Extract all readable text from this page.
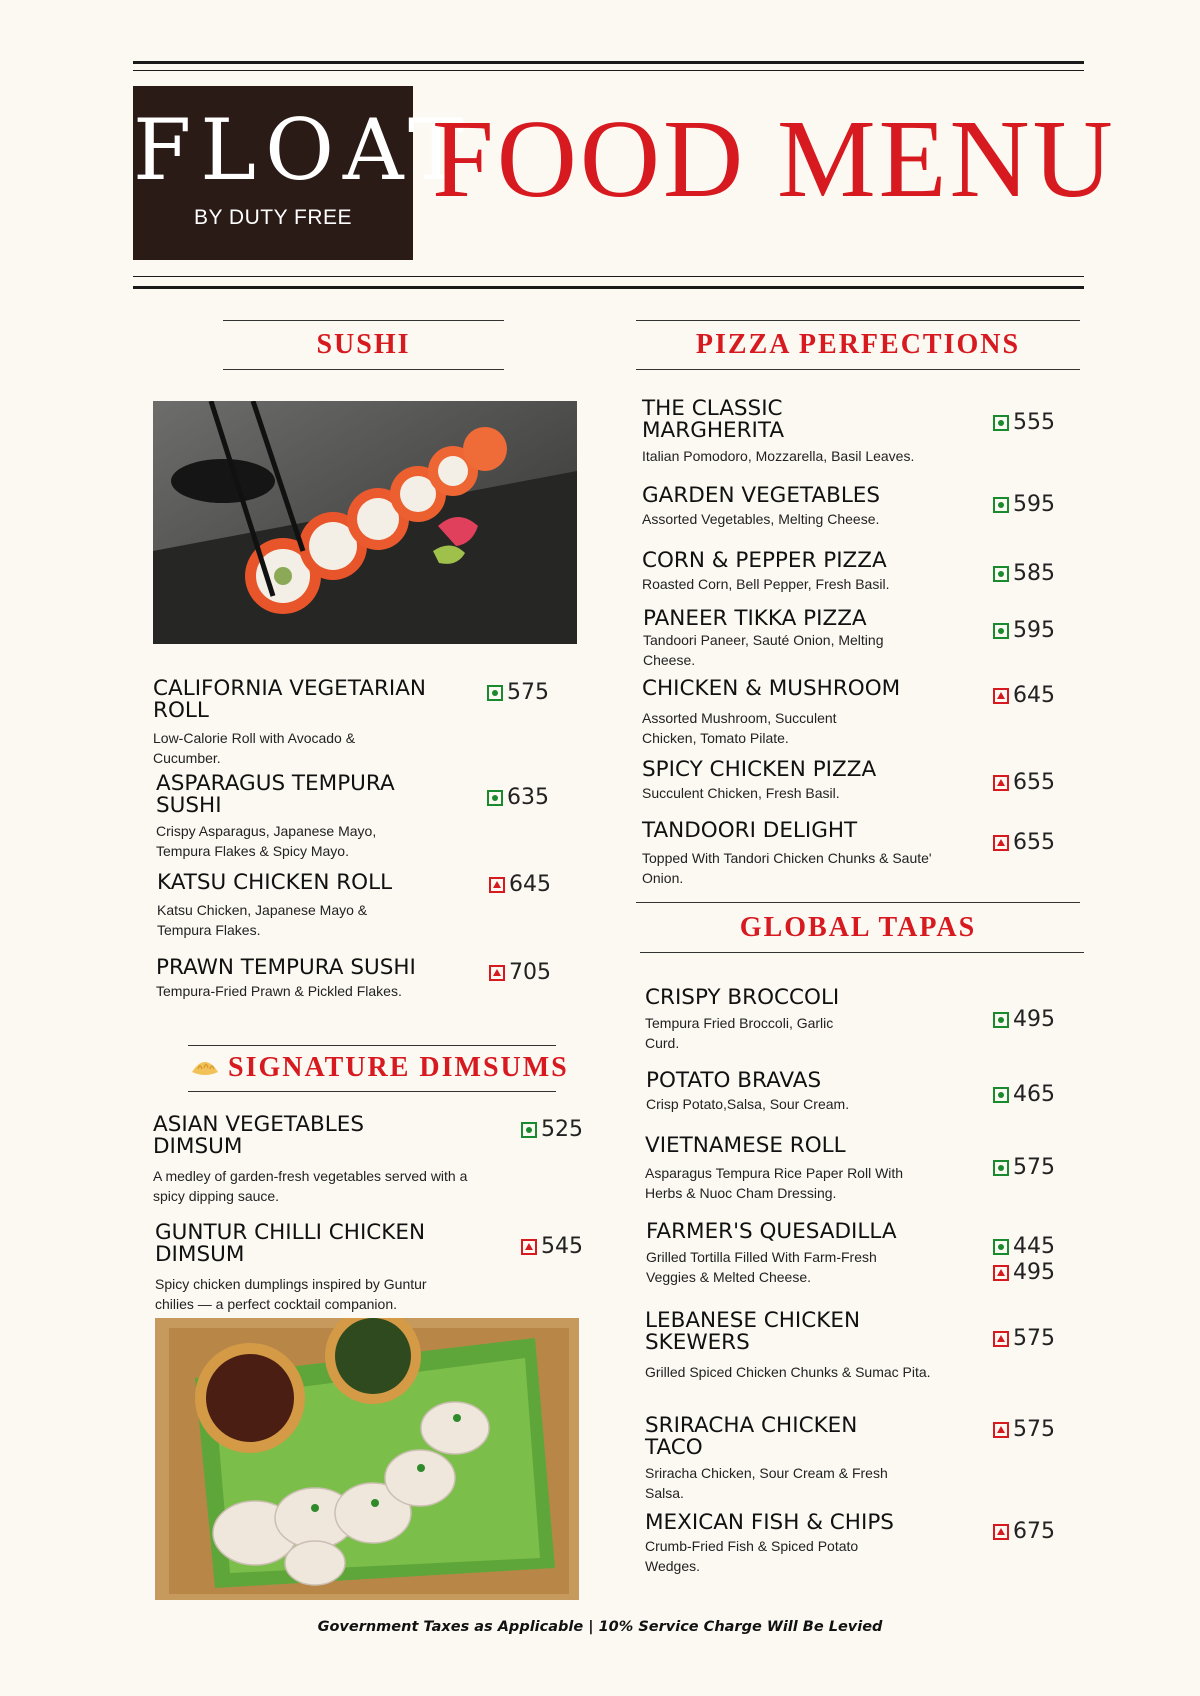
FLOAT
BY DUTY FREE FOOD MENU
SUSHI
CALIFORNIA VEGETARIAN ROLL
Low-Calorie Roll with Avocado & Cucumber.
575
ASPARAGUS TEMPURA SUSHI
Crispy Asparagus, Japanese Mayo, Tempura Flakes & Spicy Mayo.
635
KATSU CHICKEN ROLL
Katsu Chicken, Japanese Mayo & Tempura Flakes.
645
PRAWN TEMPURA SUSHI
Tempura-Fried Prawn & Pickled Flakes.
705
SIGNATURE DIMSUMS
ASIAN VEGETABLES DIMSUM
A medley of garden-fresh vegetables served with a spicy dipping sauce.
525
GUNTUR CHILLI CHICKEN DIMSUM
Spicy chicken dumplings inspired by Guntur chilies — a perfect cocktail companion.
545
PIZZA PERFECTIONS
THE CLASSIC MARGHERITA
Italian Pomodoro, Mozzarella, Basil Leaves.
555
GARDEN VEGETABLES
Assorted Vegetables, Melting Cheese.
595
CORN & PEPPER PIZZA
Roasted Corn, Bell Pepper, Fresh Basil.	585
PANEER TIKKA PIZZA
Tandoori Paneer, Sauté Onion, Melting Cheese.
595
CHICKEN & MUSHROOM
Assorted Mushroom, Succulent Chicken, Tomato Pilate.
645
SPICY CHICKEN PIZZA
Succulent Chicken, Fresh Basil.	655
TANDOORI DELIGHT
Topped With Tandori Chicken Chunks & Saute' Onion.
655
GLOBAL TAPAS
CRISPY BROCCOLI
Tempura Fried Broccoli, Garlic Curd.
495
POTATO BRAVAS
Crisp Potato,Salsa, Sour Cream.	465
VIETNAMESE ROLL
Asparagus Tempura Rice Paper Roll With Herbs & Nuoc Cham Dressing.
575
FARMER'S QUESADILLA
Grilled Tortilla Filled With Farm-Fresh Veggies & Melted Cheese.
445
495
LEBANESE CHICKEN SKEWERS
Grilled Spiced Chicken Chunks & Sumac Pita.
575
SRIRACHA CHICKEN TACO
Sriracha Chicken, Sour Cream & Fresh Salsa.
575
MEXICAN FISH & CHIPS
Crumb-Fried Fish & Spiced Potato Wedges.
675
Government Taxes as Applicable | 10% Service Charge Will Be Levied
